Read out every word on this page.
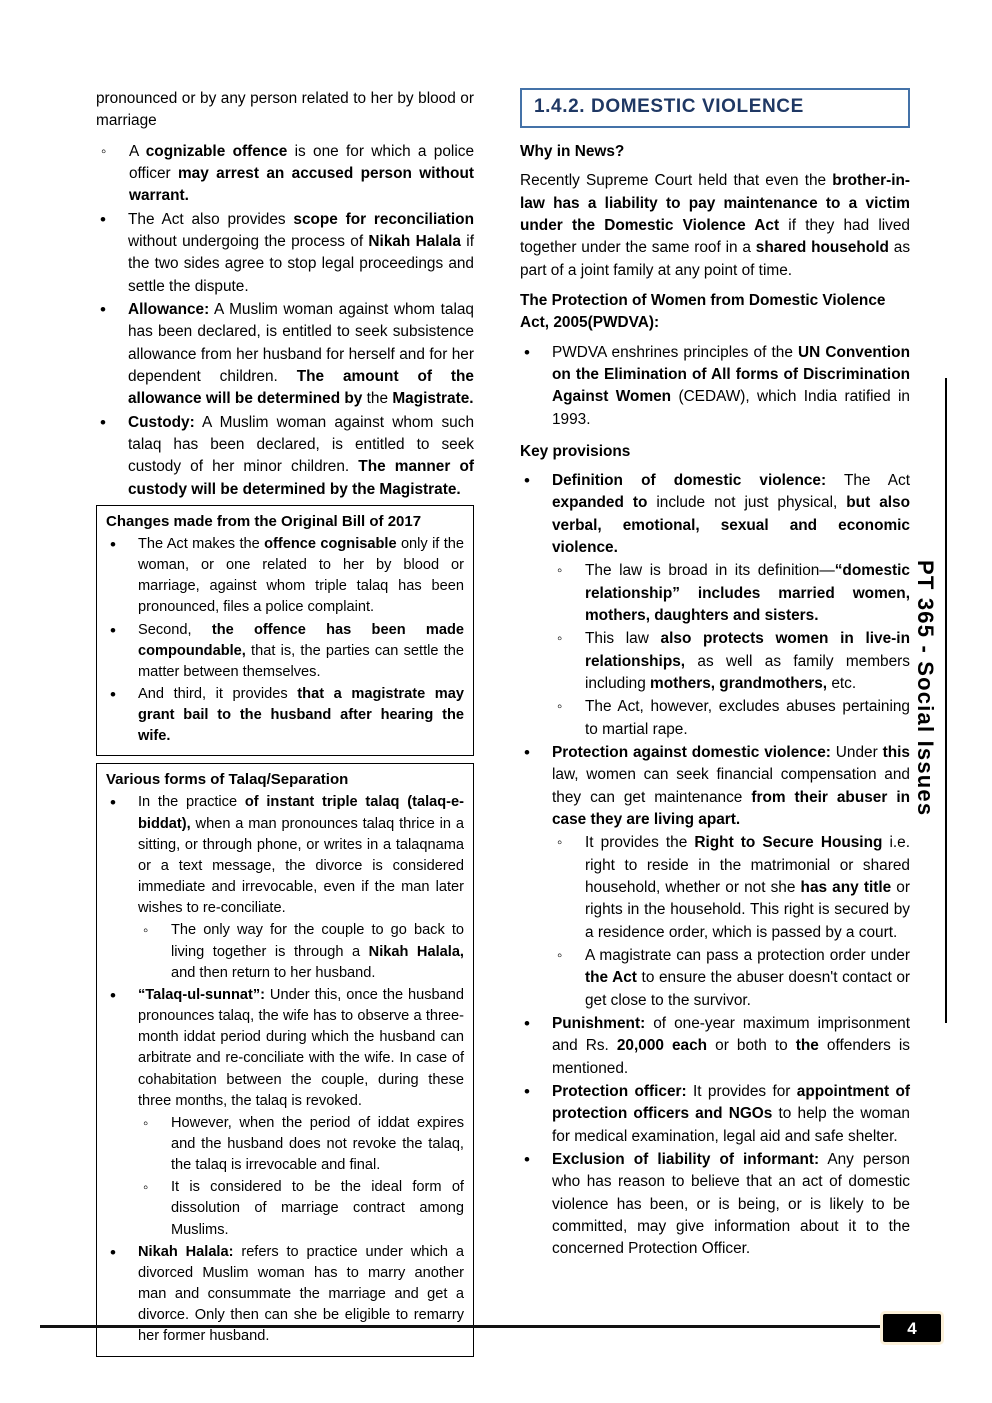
pronounced or by any person related to her by blood or marriage

◦ A cognizable offence is one for which a police officer may arrest an accused person without warrant.
• The Act also provides scope for reconciliation without undergoing the process of Nikah Halala if the two sides agree to stop legal proceedings and settle the dispute.
• Allowance: A Muslim woman against whom talaq has been declared, is entitled to seek subsistence allowance from her husband for herself and for her dependent children. The amount of the allowance will be determined by the Magistrate.
• Custody: A Muslim woman against whom such talaq has been declared, is entitled to seek custody of her minor children. The manner of custody will be determined by the Magistrate.
Changes made from the Original Bill of 2017
• The Act makes the offence cognisable only if the woman, or one related to her by blood or marriage, against whom triple talaq has been pronounced, files a police complaint.
• Second, the offence has been made compoundable, that is, the parties can settle the matter between themselves.
• And third, it provides that a magistrate may grant bail to the husband after hearing the wife.
Various forms of Talaq/Separation
• In the practice of instant triple talaq (talaq-e-biddat), when a man pronounces talaq thrice in a sitting, or through phone, or writes in a talaqnama or a text message, the divorce is considered immediate and irrevocable, even if the man later wishes to re-conciliate.
◦ The only way for the couple to go back to living together is through a Nikah Halala, and then return to her husband.
• “Talaq-ul-sunnat”: Under this, once the husband pronounces talaq, the wife has to observe a three-month iddat period during which the husband can arbitrate and re-conciliate with the wife. In case of cohabitation between the couple, during these three months, the talaq is revoked.
◦ However, when the period of iddat expires and the husband does not revoke the talaq, the talaq is irrevocable and final.
◦ It is considered to be the ideal form of dissolution of marriage contract among Muslims.
• Nikah Halala: refers to practice under which a divorced Muslim woman has to marry another man and consummate the marriage and get a divorce. Only then can she be eligible to remarry her former husband.
1.4.2. DOMESTIC VIOLENCE
Why in News?

Recently Supreme Court held that even the brother-in-law has a liability to pay maintenance to a victim under the Domestic Violence Act if they had lived together under the same roof in a shared household as part of a joint family at any point of time.

The Protection of Women from Domestic Violence Act, 2005(PWDVA):
• PWDVA enshrines principles of the UN Convention on the Elimination of All forms of Discrimination Against Women (CEDAW), which India ratified in 1993.
Key provisions
• Definition of domestic violence: The Act expanded to include not just physical, but also verbal, emotional, sexual and economic violence.
◦ The law is broad in its definition—“domestic relationship” includes married women, mothers, daughters and sisters.
◦ This law also protects women in live-in relationships, as well as family members including mothers, grandmothers, etc.
◦ The Act, however, excludes abuses pertaining to martial rape.
• Protection against domestic violence: Under this law, women can seek financial compensation and they can get maintenance from their abuser in case they are living apart.
◦ It provides the Right to Secure Housing i.e. right to reside in the matrimonial or shared household, whether or not she has any title or rights in the household. This right is secured by a residence order, which is passed by a court.
◦ A magistrate can pass a protection order under the Act to ensure the abuser doesn't contact or get close to the survivor.
• Punishment: of one-year maximum imprisonment and Rs. 20,000 each or both to the offenders is mentioned.
• Protection officer: It provides for appointment of protection officers and NGOs to help the woman for medical examination, legal aid and safe shelter.
• Exclusion of liability of informant: Any person who has reason to believe that an act of domestic violence has been, or is being, or is likely to be committed, may give information about it to the concerned Protection Officer.
PT 365 - Social Issues
4
